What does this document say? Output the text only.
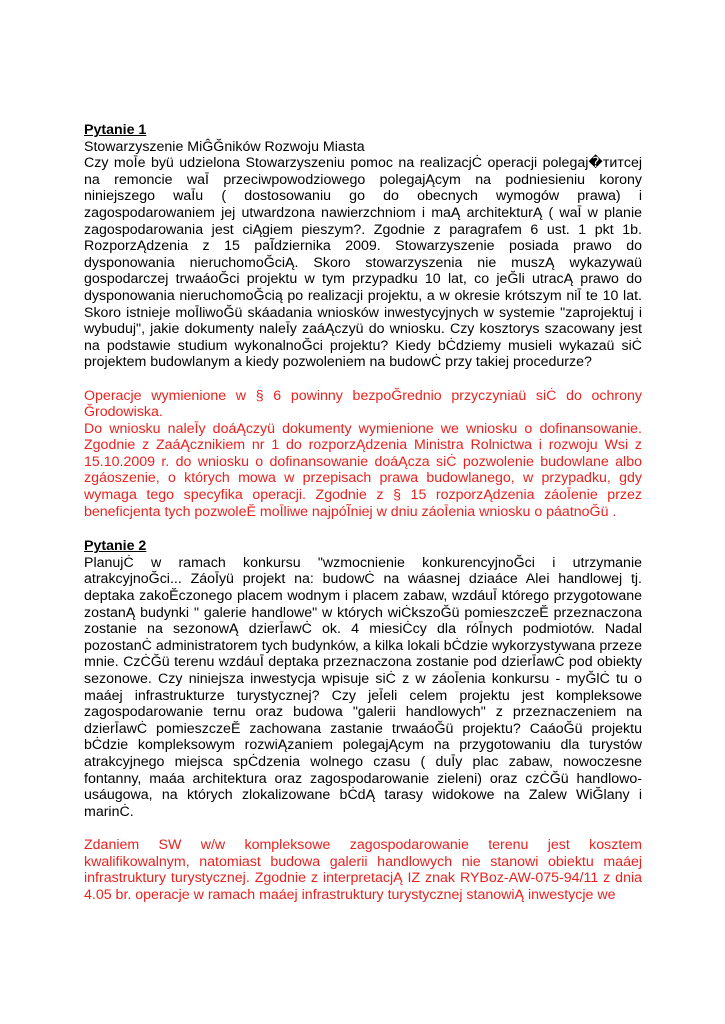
Pytanie 1

Stowarzyszenie MiĜĞników Rozwoju Miasta

Czy moĪe byü udzielona Stowarzyszeniu pomoc na realizacjĊ operacji polegaj�титcej na remoncie waĪ przeciwpowodziowego polegajĄcym na podniesieniu korony niniejszego waĪu ( dostosowaniu go do obecnych wymogów prawa) i zagospodarowaniem jej utwardzona nawierzchniom i maĄ architekturĄ ( waĪ w planie zagospodarowania jest ciĄgiem pieszym?. Zgodnie z paragrafem 6 ust. 1 pkt 1b. RozporzĄdzenia z 15 paĨdziernika 2009. Stowarzyszenie posiada prawo do dysponowania nieruchomoĞciĄ. Skoro stowarzyszenia nie muszĄ wykazywaü gospodarczej trwaáoĞci projektu w tym przypadku 10 lat, co jeĞli utracĄ prawo do dysponowania nieruchomoĞcią po realizacji projektu, a w okresie krótszym niĪ te 10 lat. Skoro istnieje moĪliwoĞü skáadania wniosków inwestycyjnych w systemie "zaprojektuj i wybuduj", jakie dokumenty naleĪy zaáĄczyü do wniosku. Czy kosztorys szacowany jest na podstawie studium wykonalnoĞci projektu? Kiedy bĊdziemy musieli wykazaü siĊ projektem budowlanym a kiedy pozwoleniem na budowĊ przy takiej procedurze?

Operacje wymienione w § 6 powinny bezpoĞrednio przyczyniaü siĊ do ochrony Ğrodowiska.

Do wniosku naleĪy doáĄczyü dokumenty wymienione we wniosku o dofinansowanie. Zgodnie z ZaáĄcznikiem nr 1 do rozporzĄdzenia Ministra Rolnictwa i rozwoju Wsi z 15.10.2009 r. do wniosku o dofinansowanie doáĄcza siĊ pozwolenie budowlane albo zgáoszenie, o których mowa w przepisach prawa budowlanego, w przypadku, gdy wymaga tego specyfika operacji. Zgodnie z § 15 rozporzĄdzenia záoĪenie przez beneficjenta tych pozwoleĔ moĪliwe najpóĨniej w dniu záoĪenia wniosku o páatnoĞü .

Pytanie 2

PlanujĊ w ramach konkursu "wzmocnienie konkurencyjnoĞci i utrzymanie atrakcyjnoĞci... ZáoĪyü projekt na: budowĊ na wáasnej dziaáce Alei handlowej tj. deptaka zakoĔczonego placem wodnym i placem zabaw, wzdáuĪ którego przygotowane zostanĄ budynki " galerie handlowe" w których wiĊkszoĞü pomieszczeĔ przeznaczona zostanie na sezonowĄ dzierĪawĊ ok. 4 miesiĊcy dla róĪnych podmiotów. Nadal pozostanĊ administratorem tych budynków, a kilka lokali bĊdzie wykorzystywana przeze mnie. CzĊĞü terenu wzdáuĪ deptaka przeznaczona zostanie pod dzierĪawĊ pod obiekty sezonowe. Czy niniejsza inwestycja wpisuje siĊ z w záoĪenia konkursu - myĞlĊ tu o maáej infrastrukturze turystycznej? Czy jeĪeli celem projektu jest kompleksowe zagospodarowanie ternu oraz budowa "galerii handlowych" z przeznaczeniem na dzierĪawĊ pomieszczeĔ zachowana zastanie trwaáoĞü projektu? CaáoĞü projektu bĊdzie kompleksowym rozwiĄzaniem polegajĄcym na przygotowaniu dla turystów atrakcyjnego miejsca spĊdzenia wolnego czasu ( duĪy plac zabaw, nowoczesne fontanny, maáa architektura oraz zagospodarowanie zieleni) oraz czĊĞü handlowo-usáugowa, na których zlokalizowane bĊdĄ tarasy widokowe na Zalew WiĞlany i marinĊ.

Zdaniem SW w/w kompleksowe zagospodarowanie terenu jest kosztem kwalifikowalnym, natomiast budowa galerii handlowych nie stanowi obiektu maáej infrastruktury turystycznej. Zgodnie z interpretacjĄ IZ znak RYBoz-AW-075-94/11 z dnia 4.05 br. operacje w ramach maáej infrastruktury turystycznej stanowiĄ inwestycje we
